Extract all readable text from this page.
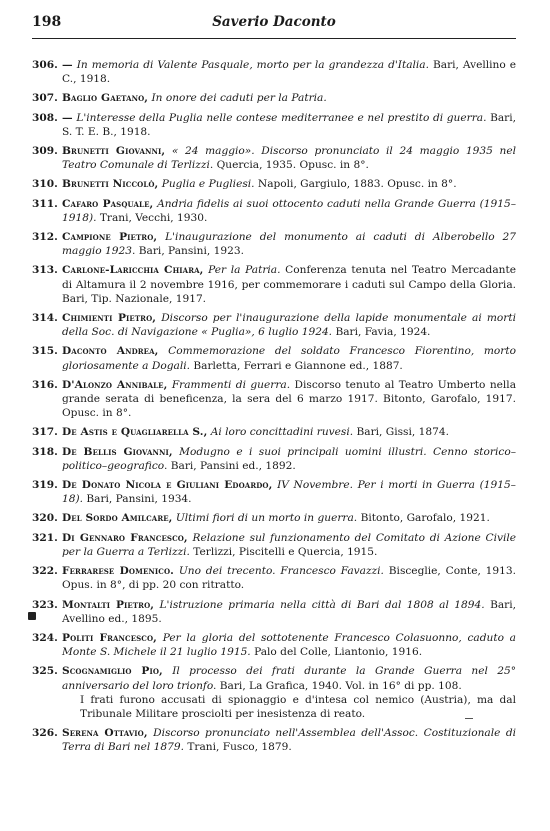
198	Saverio Daconto
306. — In memoria di Valente Pasquale, morto per la grandezza d'Italia. Bari, Avellino e C., 1918.
307. Baglio Gaetano, In onore dei caduti per la Patria.
308. — L'interesse della Puglia nelle contese mediterranee e nel prestito di guerra. Bari, S. T. E. B., 1918.
309. Brunetti Giovanni, « 24 maggio». Discorso pronunciato il 24 maggio 1935 nel Teatro Comunale di Terlizzi. Quercia, 1935. Opusc. in 8°.
310. Brunetti Niccolò, Puglia e Pugliesi. Napoli, Gargiulo, 1883. Opusc. in 8°.
311. Cafaro Pasquale, Andria fidelis ai suoi ottocento caduti nella Grande Guerra (1915–1918). Trani, Vecchi, 1930.
312. Campione Pietro, L'inaugurazione del monumento ai caduti di Alberobello 27 maggio 1923. Bari, Pansini, 1923.
313. Carlone-Laricchia Chiara, Per la Patria. Conferenza tenuta nel Teatro Mercadante di Altamura il 2 novembre 1916, per commemorare i caduti sul Campo della Gloria. Bari, Tip. Nazionale, 1917.
314. Chimienti Pietro, Discorso per l'inaugurazione della lapide monumentale ai morti della Soc. di Navigazione « Puglia», 6 luglio 1924. Bari, Favia, 1924.
315. Daconto Andrea, Commemorazione del soldato Francesco Fiorentino, morto gloriosamente a Dogali. Barletta, Ferrari e Giannone ed., 1887.
316. D'Alonzo Annibale, Frammenti di guerra. Discorso tenuto al Teatro Umberto nella grande serata di beneficenza, la sera del 6 marzo 1917. Bitonto, Garofalo, 1917. Opusc. in 8°.
317. De Astis e Quagliarella S., Ai loro concittadini ruvesi. Bari, Gissi, 1874.
318. De Bellis Giovanni, Modugno e i suoi principali uomini illustri. Cenno storico–politico–geografico. Bari, Pansini ed., 1892.
319. De Donato Nicola e Giuliani Edoardo, IV Novembre. Per i morti in Guerra (1915–18). Bari, Pansini, 1934.
320. Del Sordo Amilcare, Ultimi fiori di un morto in guerra. Bitonto, Garofalo, 1921.
321. Di Gennaro Francesco, Relazione sul funzionamento del Comitato di Azione Civile per la Guerra a Terlizzi. Terlizzi, Piscitelli e Quercia, 1915.
322. Ferrarese Domenico. Uno dei trecento. Francesco Favazzi. Bisceglie, Conte, 1913. Opus. in 8°, di pp. 20 con ritratto.
323. Montalti Pietro, L'istruzione primaria nella città di Bari dal 1808 al 1894. Bari, Avellino ed., 1895.
324. Politi Francesco, Per la gloria del sottotenente Francesco Colasuonno, caduto a Monte S. Michele il 21 luglio 1915. Palo del Colle, Liantonio, 1916.
325. Scognamiglio Pio, Il processo dei frati durante la Grande Guerra nel 25° anniversario del loro trionfo. Bari, La Grafica, 1940. Vol. in 16° di pp. 108.
I frati furono accusati di spionaggio e d'intesa col nemico (Austria), ma dal Tribunale Militare prosciolti per inesistenza di reato.
326. Serena Ottavio, Discorso pronunciato nell'Assemblea dell'Assoc. Costituzionale di Terra di Bari nel 1879. Trani, Fusco, 1879.
